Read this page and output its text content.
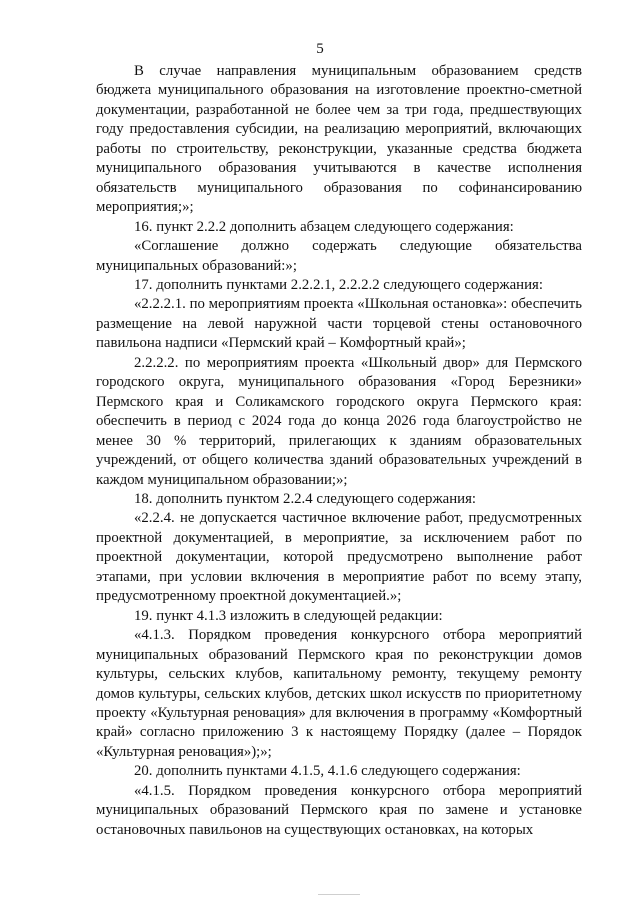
5

В случае направления муниципальным образованием средств бюджета муниципального образования на изготовление проектно-сметной документации, разработанной не более чем за три года, предшествующих году предоставления субсидии, на реализацию мероприятий, включающих работы по строительству, реконструкции, указанные средства бюджета муниципального образования учитываются в качестве исполнения обязательств муниципального образования по софинансированию мероприятия;»;

16. пункт 2.2.2 дополнить абзацем следующего содержания:

«Соглашение должно содержать следующие обязательства муниципальных образований:»;

17. дополнить пунктами 2.2.2.1, 2.2.2.2 следующего содержания:

«2.2.2.1. по мероприятиям проекта «Школьная остановка»: обеспечить размещение на левой наружной части торцевой стены остановочного павильона надписи «Пермский край – Комфортный край»;

2.2.2.2. по мероприятиям проекта «Школьный двор» для Пермского городского округа, муниципального образования «Город Березники» Пермского края и Соликамского городского округа Пермского края: обеспечить в период с 2024 года до конца 2026 года благоустройство не менее 30 % территорий, прилегающих к зданиям образовательных учреждений, от общего количества зданий образовательных учреждений в каждом муниципальном образовании;»;

18. дополнить пунктом 2.2.4 следующего содержания:

«2.2.4. не допускается частичное включение работ, предусмотренных проектной документацией, в мероприятие, за исключением работ по проектной документации, которой предусмотрено выполнение работ этапами, при условии включения в мероприятие работ по всему этапу, предусмотренному проектной документацией.»;

19. пункт 4.1.3 изложить в следующей редакции:

«4.1.3. Порядком проведения конкурсного отбора мероприятий муниципальных образований Пермского края по реконструкции домов культуры, сельских клубов, капитальному ремонту, текущему ремонту домов культуры, сельских клубов, детских школ искусств по приоритетному проекту «Культурная реновация» для включения в программу «Комфортный край» согласно приложению 3 к настоящему Порядку (далее – Порядок «Культурная реновация»);»;

20. дополнить пунктами 4.1.5, 4.1.6 следующего содержания:

«4.1.5. Порядком проведения конкурсного отбора мероприятий муниципальных образований Пермского края по замене и установке остановочных павильонов на существующих остановках, на которых
